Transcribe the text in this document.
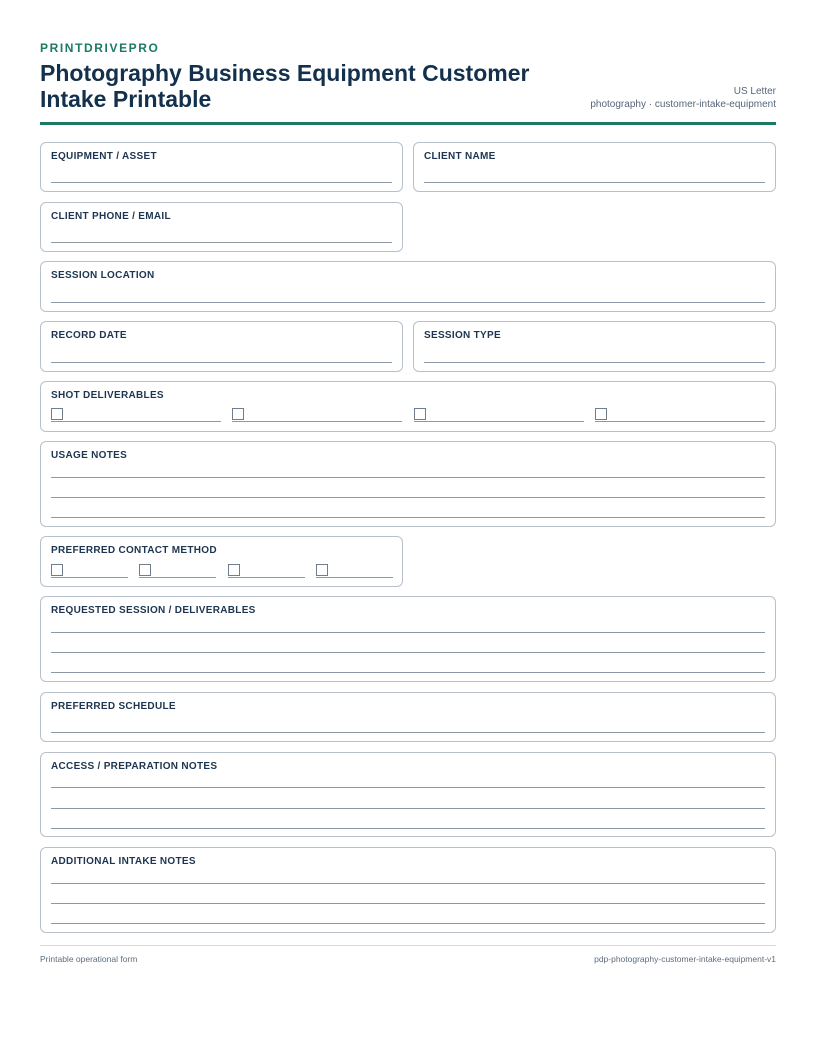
PRINTDRIVEPRO
Photography Business Equipment Customer Intake Printable	US Letter
photography · customer-intake-equipment
EQUIPMENT / ASSET	CLIENT NAME
CLIENT PHONE / EMAIL
SESSION LOCATION
RECORD DATE	SESSION TYPE
SHOT DELIVERABLES
USAGE NOTES
PREFERRED CONTACT METHOD
REQUESTED SESSION / DELIVERABLES
PREFERRED SCHEDULE
ACCESS / PREPARATION NOTES
ADDITIONAL INTAKE NOTES
Printable operational form	pdp-photography-customer-intake-equipment-v1
